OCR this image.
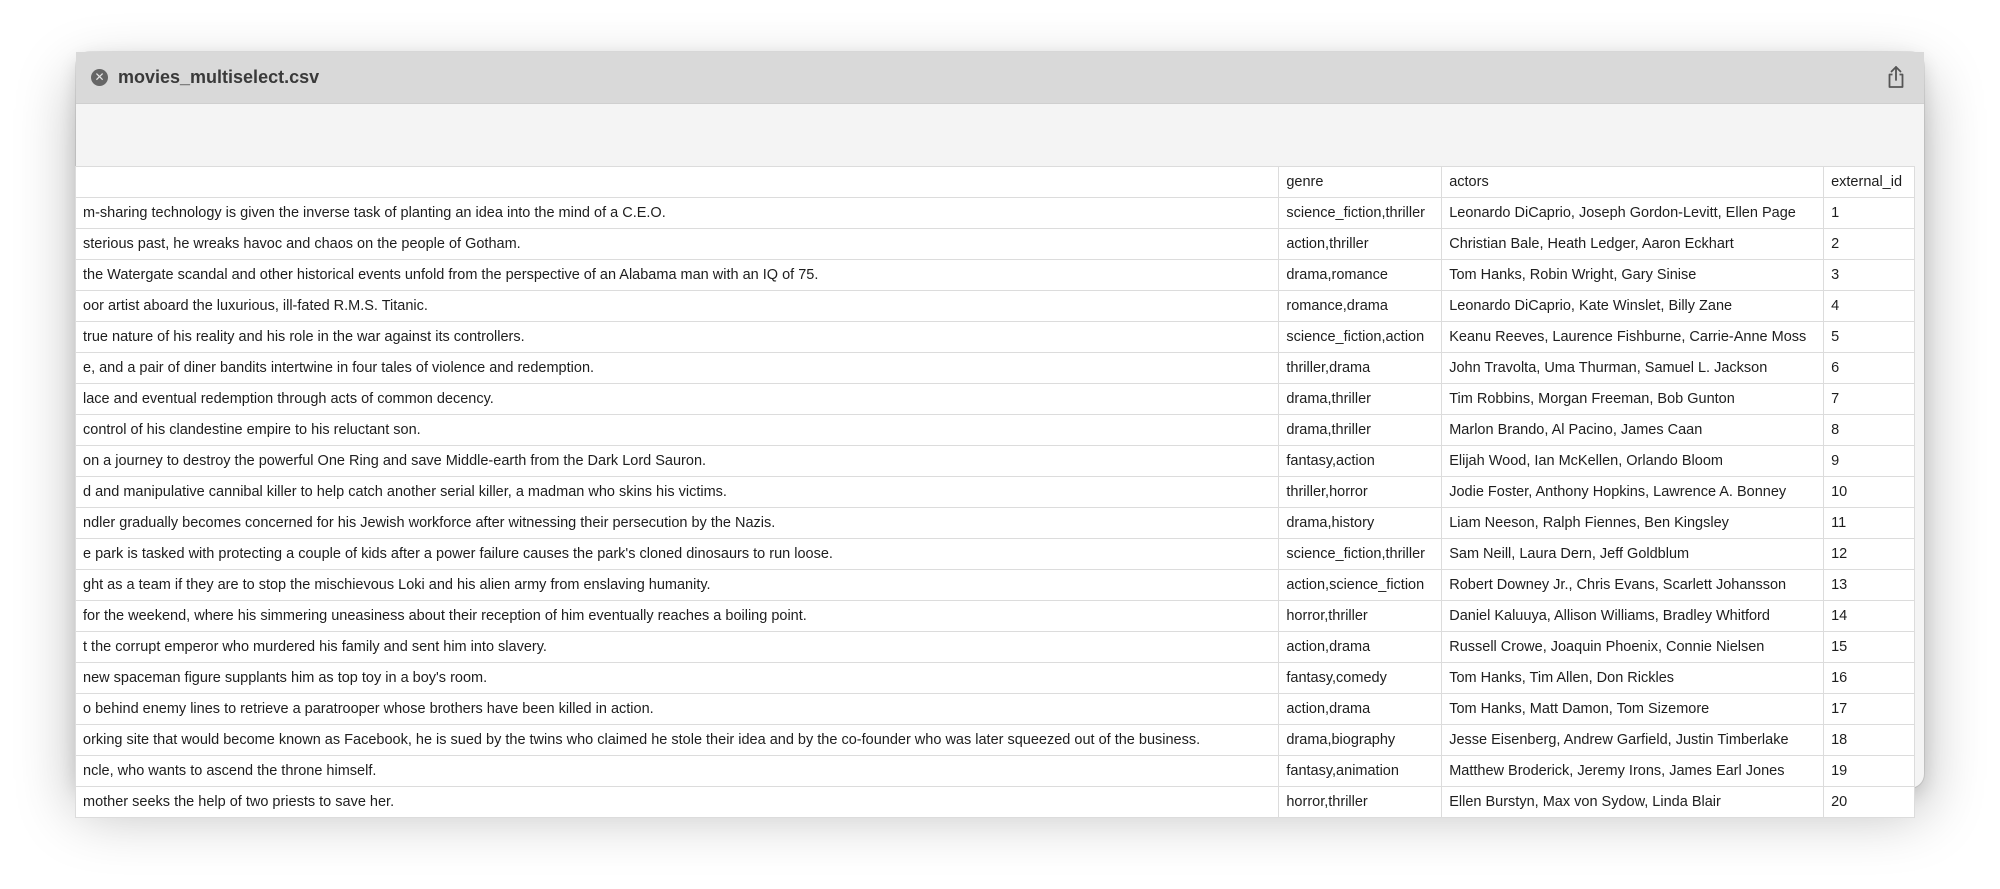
✕ movies_multiselect.csv
	genre	actors	external_id
m-sharing technology is given the inverse task of planting an idea into the mind of a C.E.O.	science_fiction,thriller	Leonardo DiCaprio, Joseph Gordon-Levitt, Ellen Page	1
sterious past, he wreaks havoc and chaos on the people of Gotham.	action,thriller	Christian Bale, Heath Ledger, Aaron Eckhart	2
the Watergate scandal and other historical events unfold from the perspective of an Alabama man with an IQ of 75.	drama,romance	Tom Hanks, Robin Wright, Gary Sinise	3
oor artist aboard the luxurious, ill-fated R.M.S. Titanic.	romance,drama	Leonardo DiCaprio, Kate Winslet, Billy Zane	4
true nature of his reality and his role in the war against its controllers.	science_fiction,action	Keanu Reeves, Laurence Fishburne, Carrie-Anne Moss	5
e, and a pair of diner bandits intertwine in four tales of violence and redemption.	thriller,drama	John Travolta, Uma Thurman, Samuel L. Jackson	6
lace and eventual redemption through acts of common decency.	drama,thriller	Tim Robbins, Morgan Freeman, Bob Gunton	7
control of his clandestine empire to his reluctant son.	drama,thriller	Marlon Brando, Al Pacino, James Caan	8
on a journey to destroy the powerful One Ring and save Middle-earth from the Dark Lord Sauron.	fantasy,action	Elijah Wood, Ian McKellen, Orlando Bloom	9
d and manipulative cannibal killer to help catch another serial killer, a madman who skins his victims.	thriller,horror	Jodie Foster, Anthony Hopkins, Lawrence A. Bonney	10
ndler gradually becomes concerned for his Jewish workforce after witnessing their persecution by the Nazis.	drama,history	Liam Neeson, Ralph Fiennes, Ben Kingsley	11
e park is tasked with protecting a couple of kids after a power failure causes the park's cloned dinosaurs to run loose.	science_fiction,thriller	Sam Neill, Laura Dern, Jeff Goldblum	12
ght as a team if they are to stop the mischievous Loki and his alien army from enslaving humanity.	action,science_fiction	Robert Downey Jr., Chris Evans, Scarlett Johansson	13
for the weekend, where his simmering uneasiness about their reception of him eventually reaches a boiling point.	horror,thriller	Daniel Kaluuya, Allison Williams, Bradley Whitford	14
t the corrupt emperor who murdered his family and sent him into slavery.	action,drama	Russell Crowe, Joaquin Phoenix, Connie Nielsen	15
new spaceman figure supplants him as top toy in a boy's room.	fantasy,comedy	Tom Hanks, Tim Allen, Don Rickles	16
o behind enemy lines to retrieve a paratrooper whose brothers have been killed in action.	action,drama	Tom Hanks, Matt Damon, Tom Sizemore	17
orking site that would become known as Facebook, he is sued by the twins who claimed he stole their idea and by the co-founder who was later squeezed out of the business.	drama,biography	Jesse Eisenberg, Andrew Garfield, Justin Timberlake	18
ncle, who wants to ascend the throne himself.	fantasy,animation	Matthew Broderick, Jeremy Irons, James Earl Jones	19
mother seeks the help of two priests to save her.	horror,thriller	Ellen Burstyn, Max von Sydow, Linda Blair	20
